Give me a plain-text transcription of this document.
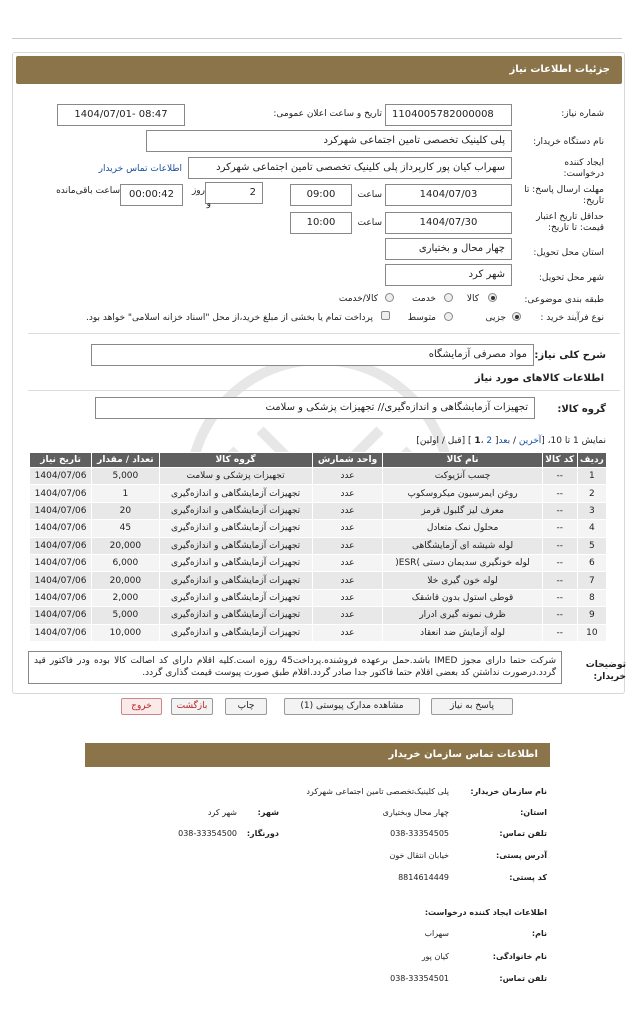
جزئیات اطلاعات نیاز
شماره نیاز:
1104005782000008
تاریخ و ساعت اعلان عمومی:
1404/07/01- 08:47
نام دستگاه خریدار:
پلی کلینیک تخصصی تامین اجتماعی شهرکرد
ایجاد کننده درخواست:
سهراب کیان پور کارپرداز پلی کلینیک تخصصی تامین اجتماعی شهرکرد
اطلاعات تماس خریدار
مهلت ارسال پاسخ: تا تاریخ:
1404/07/03
ساعت
09:00
روز	2
و
00:00:42
ساعت باقی‌مانده
حداقل تاریخ اعتبار قیمت: تا تاریخ:
1404/07/30
ساعت
10:00
استان محل تحویل:
چهار محال و بختیاری
شهر محل تحویل:
شهر کرد
طبقه بندی موضوعی:
کالا
خدمت
کالا/خدمت
نوع فرآیند خرید :
جزیی
متوسط
پرداخت تمام یا بخشی از مبلغ خرید،از محل "اسناد خزانه اسلامی" خواهد بود.
شرح کلی نیاز:
مواد مصرفی آزمایشگاه
اطلاعات کالاهای مورد نیاز
گروه کالا:
تجهیزات آزمایشگاهی و اندازه‌گیری// تجهیزات پزشکی و سلامت
نمایش 1 تا 10، [آخرین / بعد[ 2 ،1 ] [قبل / اولین]
ردیف	کد کالا	نام کالا	واحد شمارش	گروه کالا	تعداد / مقدار	تاریخ نیاز
1	--	چسب آنژیوکت	عدد	تجهیزات پزشکی و سلامت	5,000	1404/07/06
2	--	روغن ایمرسیون میکروسکوپ	عدد	تجهیزات آزمایشگاهی و اندازه‌گیری	1	1404/07/06
3	--	معرف لیز گلبول قرمز	عدد	تجهیزات آزمایشگاهی و اندازه‌گیری	20	1404/07/06
4	--	محلول نمک متعادل	عدد	تجهیزات آزمایشگاهی و اندازه‌گیری	45	1404/07/06
5	--	لوله شیشه ای آزمایشگاهی	عدد	تجهیزات آزمایشگاهی و اندازه‌گیری	20,000	1404/07/06
6	--	لوله خونگیری سدیمان دستی )ESR(	عدد	تجهیزات آزمایشگاهی و اندازه‌گیری	6,000	1404/07/06
7	--	لوله خون گیری خلا	عدد	تجهیزات آزمایشگاهی و اندازه‌گیری	20,000	1404/07/06
8	--	قوطی استول بدون قاشقک	عدد	تجهیزات آزمایشگاهی و اندازه‌گیری	2,000	1404/07/06
9	--	ظرف نمونه گیری ادرار	عدد	تجهیزات آزمایشگاهی و اندازه‌گیری	5,000	1404/07/06
10	--	لوله آزمایش ضد انعقاد	عدد	تجهیزات آزمایشگاهی و اندازه‌گیری	10,000	1404/07/06
توضیحات خریدار:
شرکت حتما دارای مجوز IMED باشد.حمل برعهده فروشنده.پرداخت45 روزه است.کلیه اقلام دارای کد اصالت کالا بوده ودر فاکتور قید گردد.درصورت نداشتن کد بعضی اقلام حتما فاکتور جدا صادر گردد.اقلام طبق صورت پیوست قیمت گذاری گردد.
پاسخ به نیاز
مشاهده مدارک پیوستی (1)
چاپ
بازگشت
خروج
اطلاعات تماس سازمان خریدار
نام سازمان خریدار:
پلی کلینیک‌تخصصی تامین اجتماعی شهرکرد
استان:
چهار محال وبختیاری
شهر:
شهر کرد
تلفن تماس:
038-33354505
دورنگار:
038-33354500
آدرس پستی:
خیابان انتقال خون
کد پستی:
8814614449
اطلاعات ایجاد کننده درخواست:
نام:
سهراب
نام خانوادگی:
کیان پور
تلفن تماس:
038-33354501
